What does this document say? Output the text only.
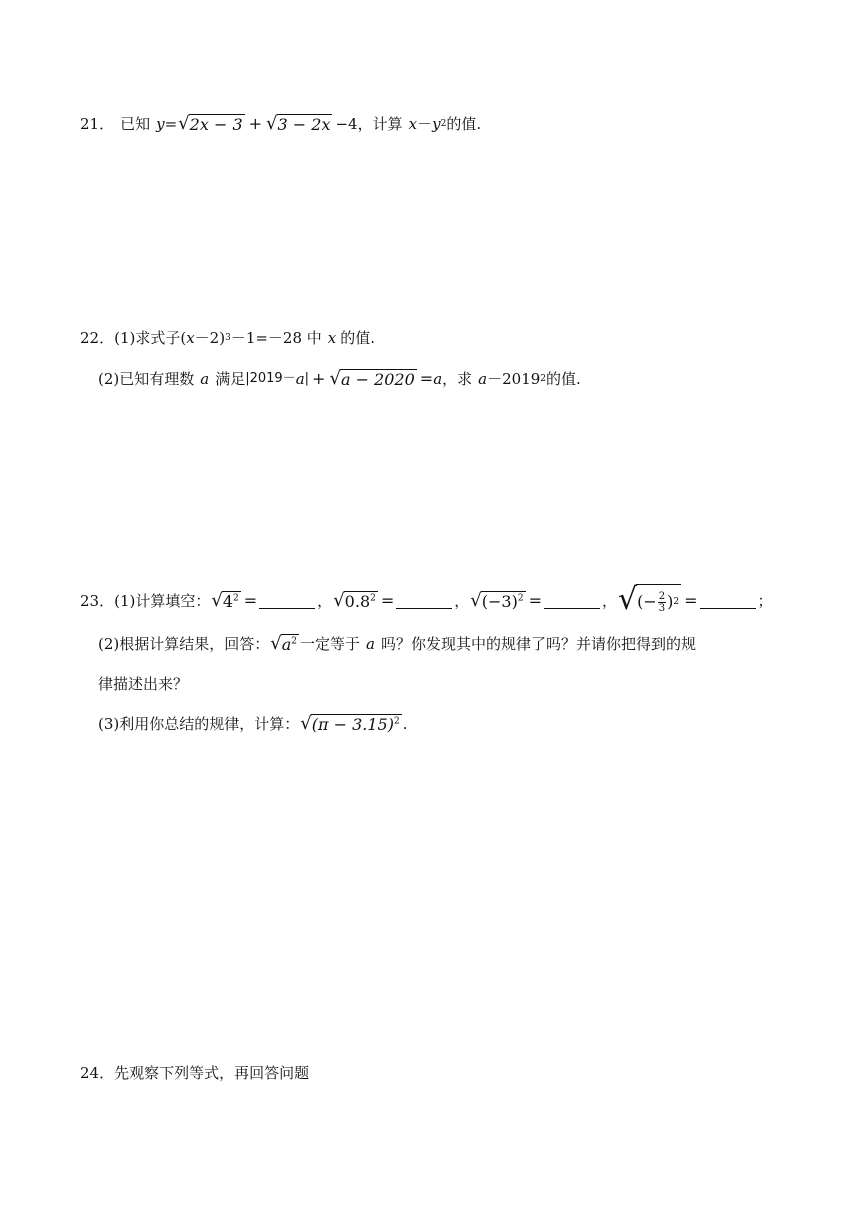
21． 已知 y = √ 2x − 3 + √ 3 − 2x −4 ，计算 x － y 2 的值.
22． (1) 求式子( x －2) 3 －1=－28 中 x 的值.
(2) 已知有理数 a 满足 |2019－ a | + √ a − 2020 = a ，求 a －2019 2 的值.
23． (1) 计算填空： √ $4^2$ =	， √ $0.8^2$ =	， √ $(-3)^2$ =	， √ (− $\frac{2}{3}$ ) 2 =	；
(2) 根据计算结果，回答： √ $a^2$ 一定等于 a 吗？你发现其中的规律了吗？并请你把得到的规
律描述出来？
(3) 利用你总结的规律，计算： √ $(\pi - 3.15)^2$ .
24． 先观察下列等式，再回答问题
